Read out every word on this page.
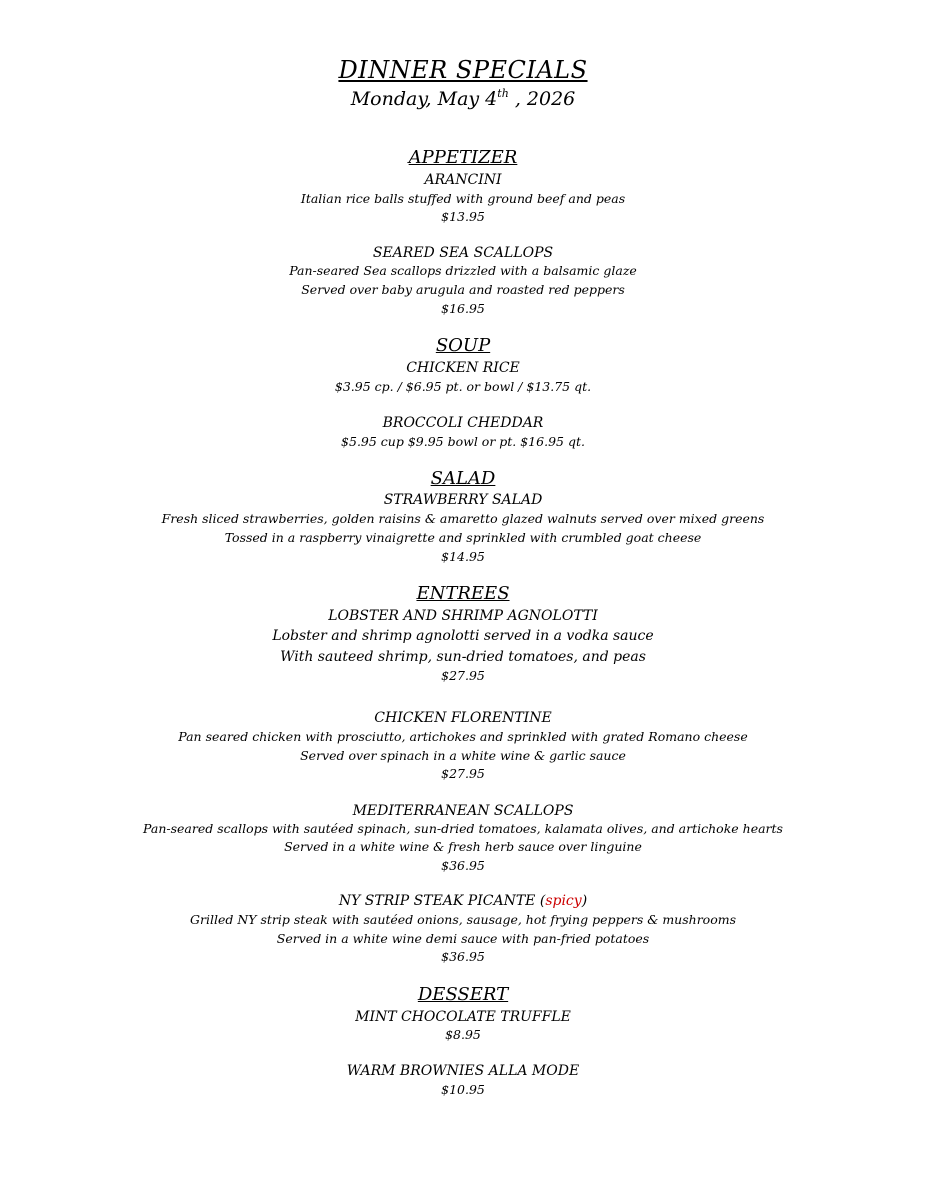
DINNER SPECIALS
Monday, May 4th , 2026
APPETIZER
ARANCINI
Italian rice balls stuffed with ground beef and peas
$13.95
SEARED SEA SCALLOPS
Pan-seared Sea scallops drizzled with a balsamic glaze
Served over baby arugula and roasted red peppers
$16.95
SOUP
CHICKEN RICE
$3.95 cp. / $6.95 pt. or bowl / $13.75 qt.
BROCCOLI CHEDDAR
$5.95 cup $9.95 bowl or pt. $16.95 qt.
SALAD
STRAWBERRY SALAD
Fresh sliced strawberries, golden raisins & amaretto glazed walnuts served over mixed greens
Tossed in a raspberry vinaigrette and sprinkled with crumbled goat cheese
$14.95
ENTREES
LOBSTER AND SHRIMP AGNOLOTTI
Lobster and shrimp agnolotti served in a vodka sauce
With sauteed shrimp, sun-dried tomatoes, and peas
$27.95
CHICKEN FLORENTINE
Pan seared chicken with prosciutto, artichokes and sprinkled with grated Romano cheese
Served over spinach in a white wine & garlic sauce
$27.95
MEDITERRANEAN SCALLOPS
Pan-seared scallops with sautéed spinach, sun-dried tomatoes, kalamata olives, and artichoke hearts
Served in a white wine & fresh herb sauce over linguine
$36.95
NY STRIP STEAK PICANTE (spicy)
Grilled NY strip steak with sautéed onions, sausage, hot frying peppers & mushrooms
Served in a white wine demi sauce with pan-fried potatoes
$36.95
DESSERT
MINT CHOCOLATE TRUFFLE
$8.95
WARM BROWNIES ALLA MODE
$10.95
